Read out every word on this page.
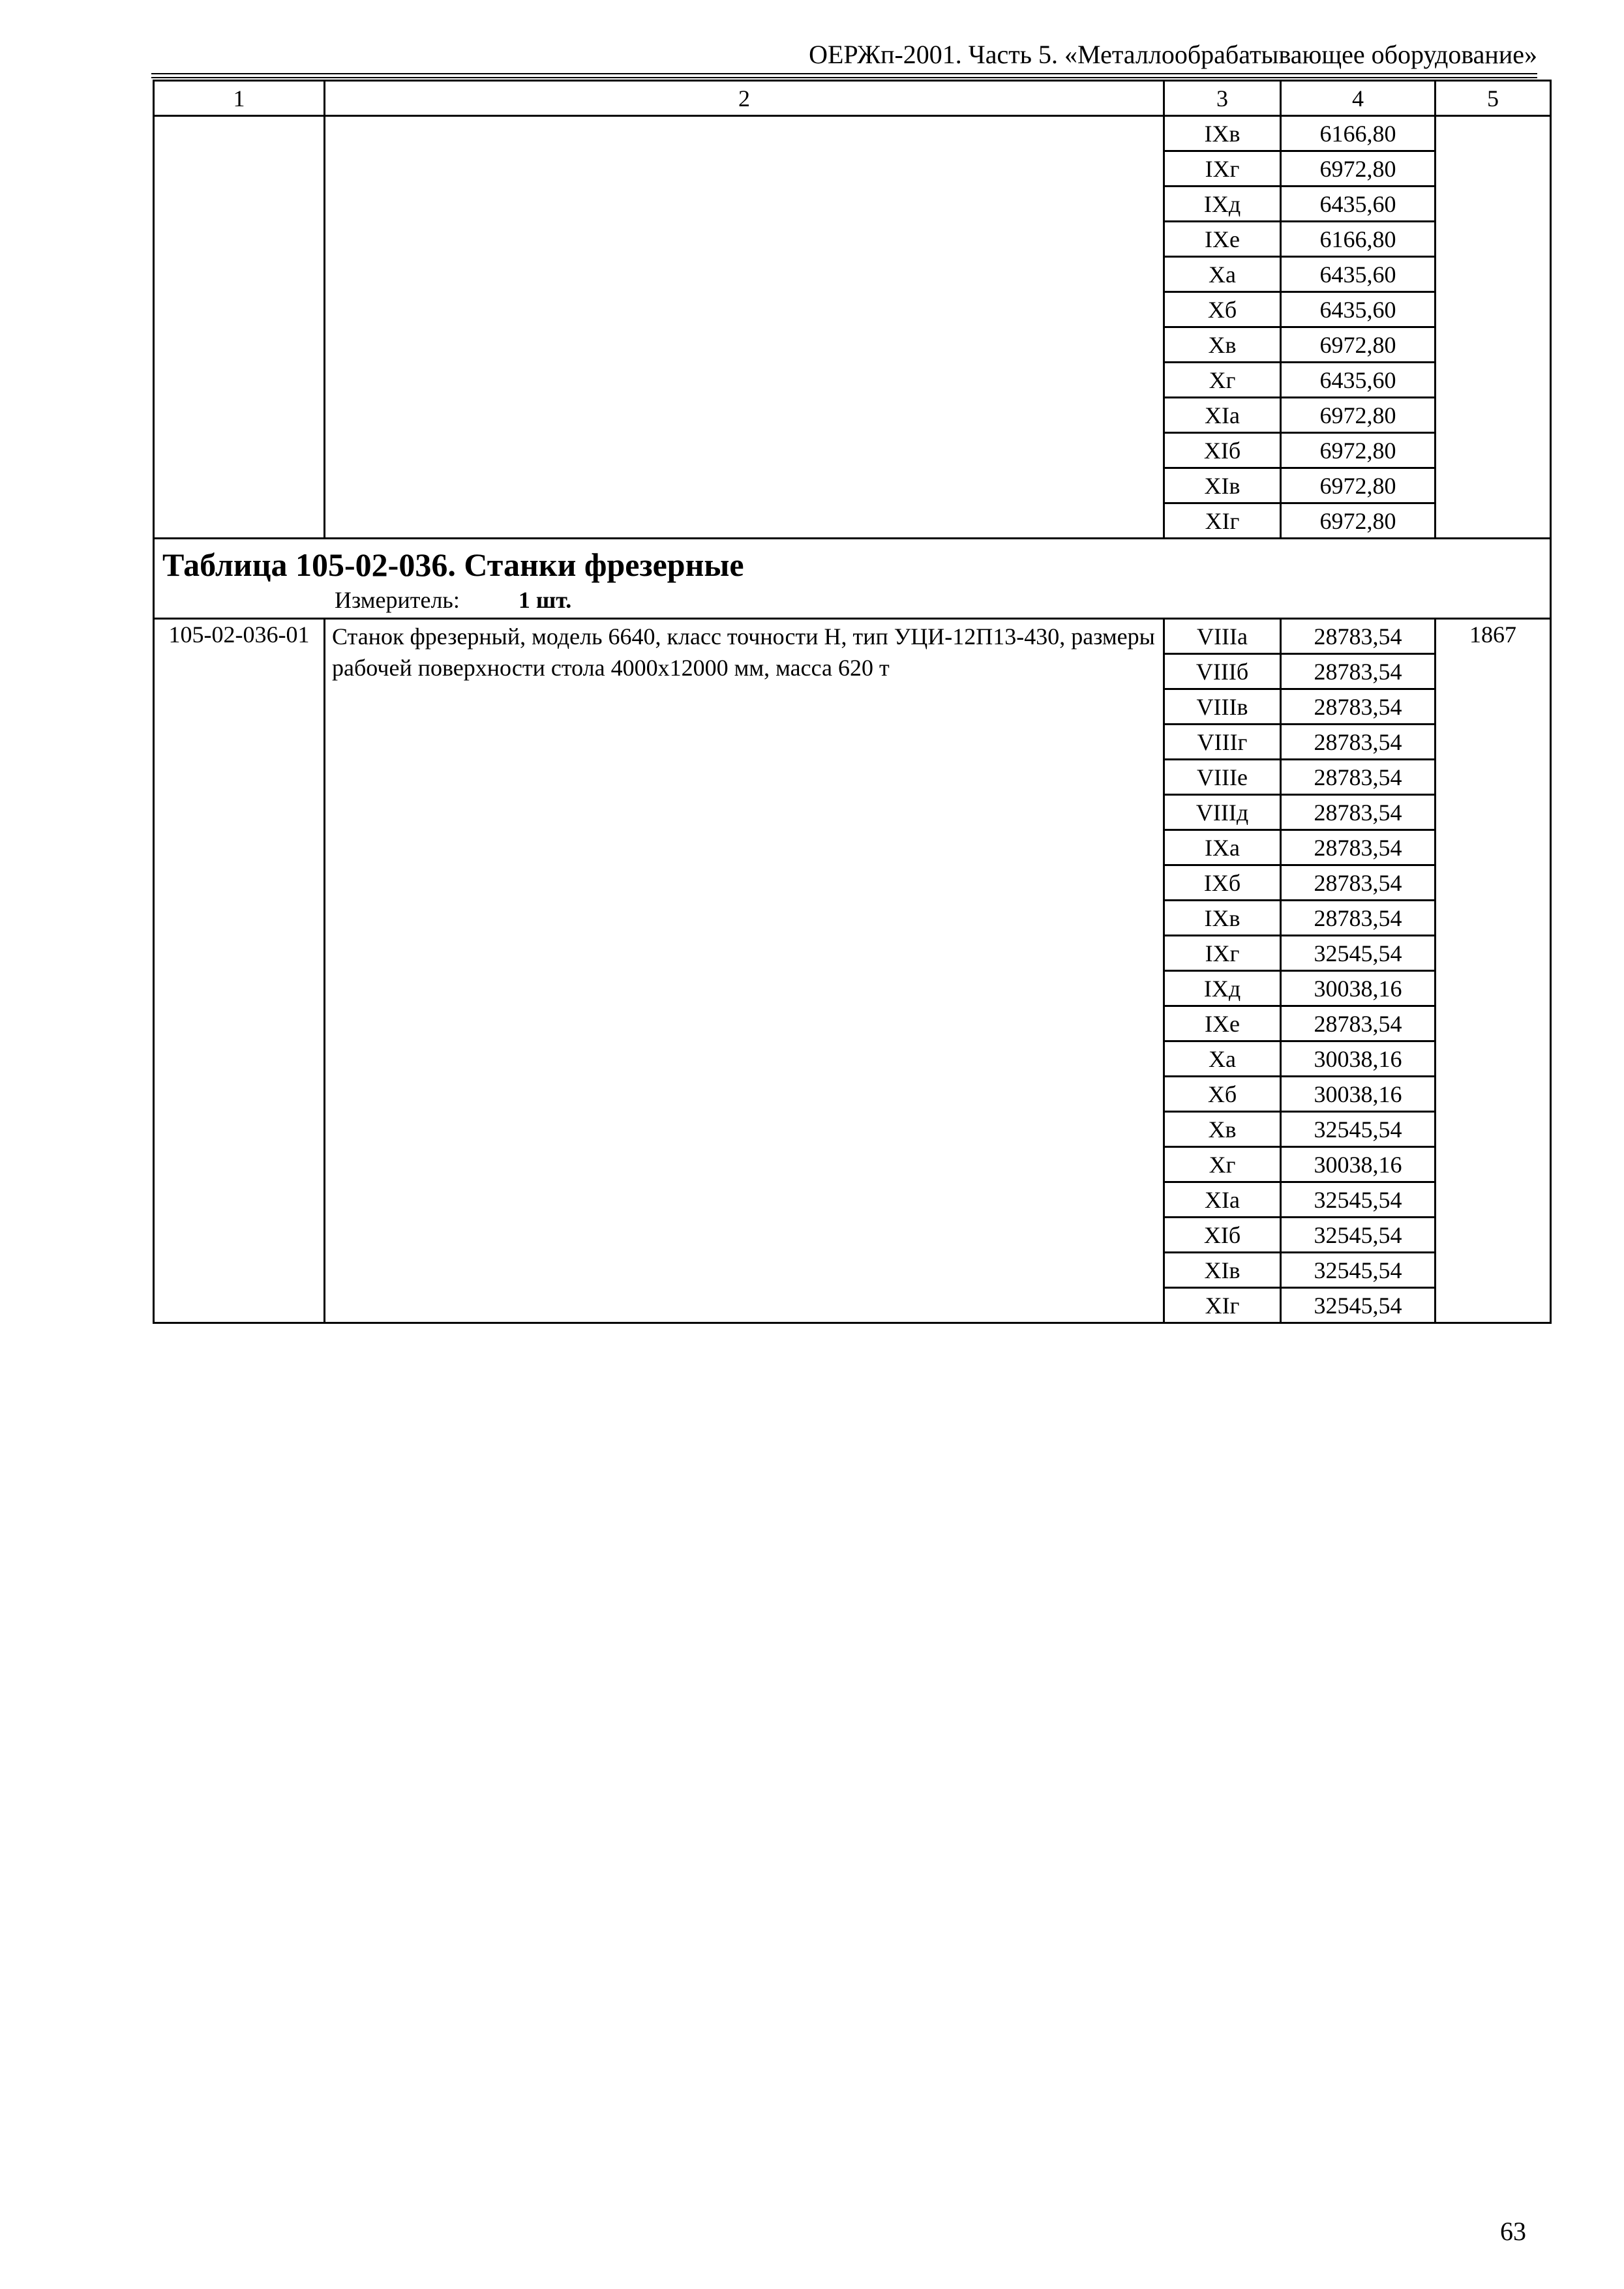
ОЕРЖп-2001. Часть 5. «Металлообрабатывающее оборудование»
1	2	3	4	5
		IXв	6166,80	
		IXг	6972,80	
		IXд	6435,60	
		IXе	6166,80	
		Xа	6435,60	
		Xб	6435,60	
		Xв	6972,80	
		Xг	6435,60	
		XIа	6972,80	
		XIб	6972,80	
		XIв	6972,80	
		XIг	6972,80	

Таблица 105-02-036. Станки фрезерные
Измеритель: 1 шт.				

105-02-036-01	Станок фрезерный, модель 6640, класс точности Н, тип УЦИ-12П13-430, размеры рабочей поверхности стола 4000х12000 мм, масса 620 т	VIIIа	28783,54	1867
		VIIIб	28783,54	
		VIIIв	28783,54	
		VIIIг	28783,54	
		VIIIе	28783,54	
		VIIIд	28783,54	
		IXа	28783,54	
		IXб	28783,54	
		IXв	28783,54	
		IXг	32545,54	
		IXд	30038,16	
		IXе	28783,54	
		Xа	30038,16	
		Xб	30038,16	
		Xв	32545,54	
		Xг	30038,16	
		XIа	32545,54	
		XIб	32545,54	
		XIв	32545,54	
		XIг	32545,54	
63
